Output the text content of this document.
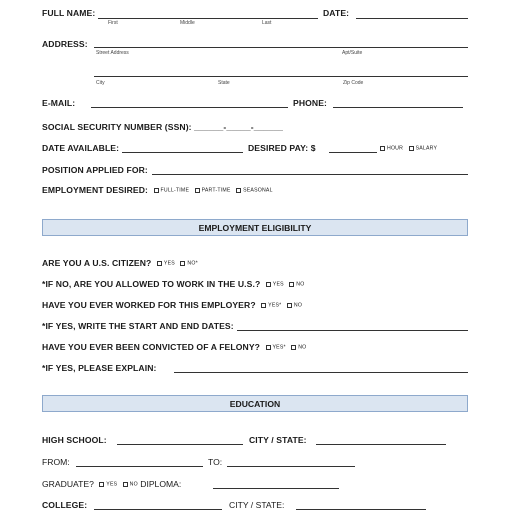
FULL NAME:
First	Middle	Last
DATE:
ADDRESS:
Street Address	Apt/Suite
City	State	Zip Code
E-MAIL:	PHONE:
SOCIAL SECURITY NUMBER (SSN): ______-_____-______
DATE AVAILABLE:	DESIRED PAY: $	HOUR SALARY
POSITION APPLIED FOR:
EMPLOYMENT DESIRED: FULL-TIME PART-TIME SEASONAL
EMPLOYMENT ELIGIBILITY
ARE YOU A U.S. CITIZEN? YES NO*
*IF NO, ARE YOU ALLOWED TO WORK IN THE U.S.? YES NO
HAVE YOU EVER WORKED FOR THIS EMPLOYER? YES* NO
*IF YES, WRITE THE START AND END DATES:
HAVE YOU EVER BEEN CONVICTED OF A FELONY? YES* NO
*IF YES, PLEASE EXPLAIN:
EDUCATION
HIGH SCHOOL:	CITY / STATE:
FROM:	TO:
GRADUATE? YES NO DIPLOMA:
COLLEGE:	CITY / STATE:
